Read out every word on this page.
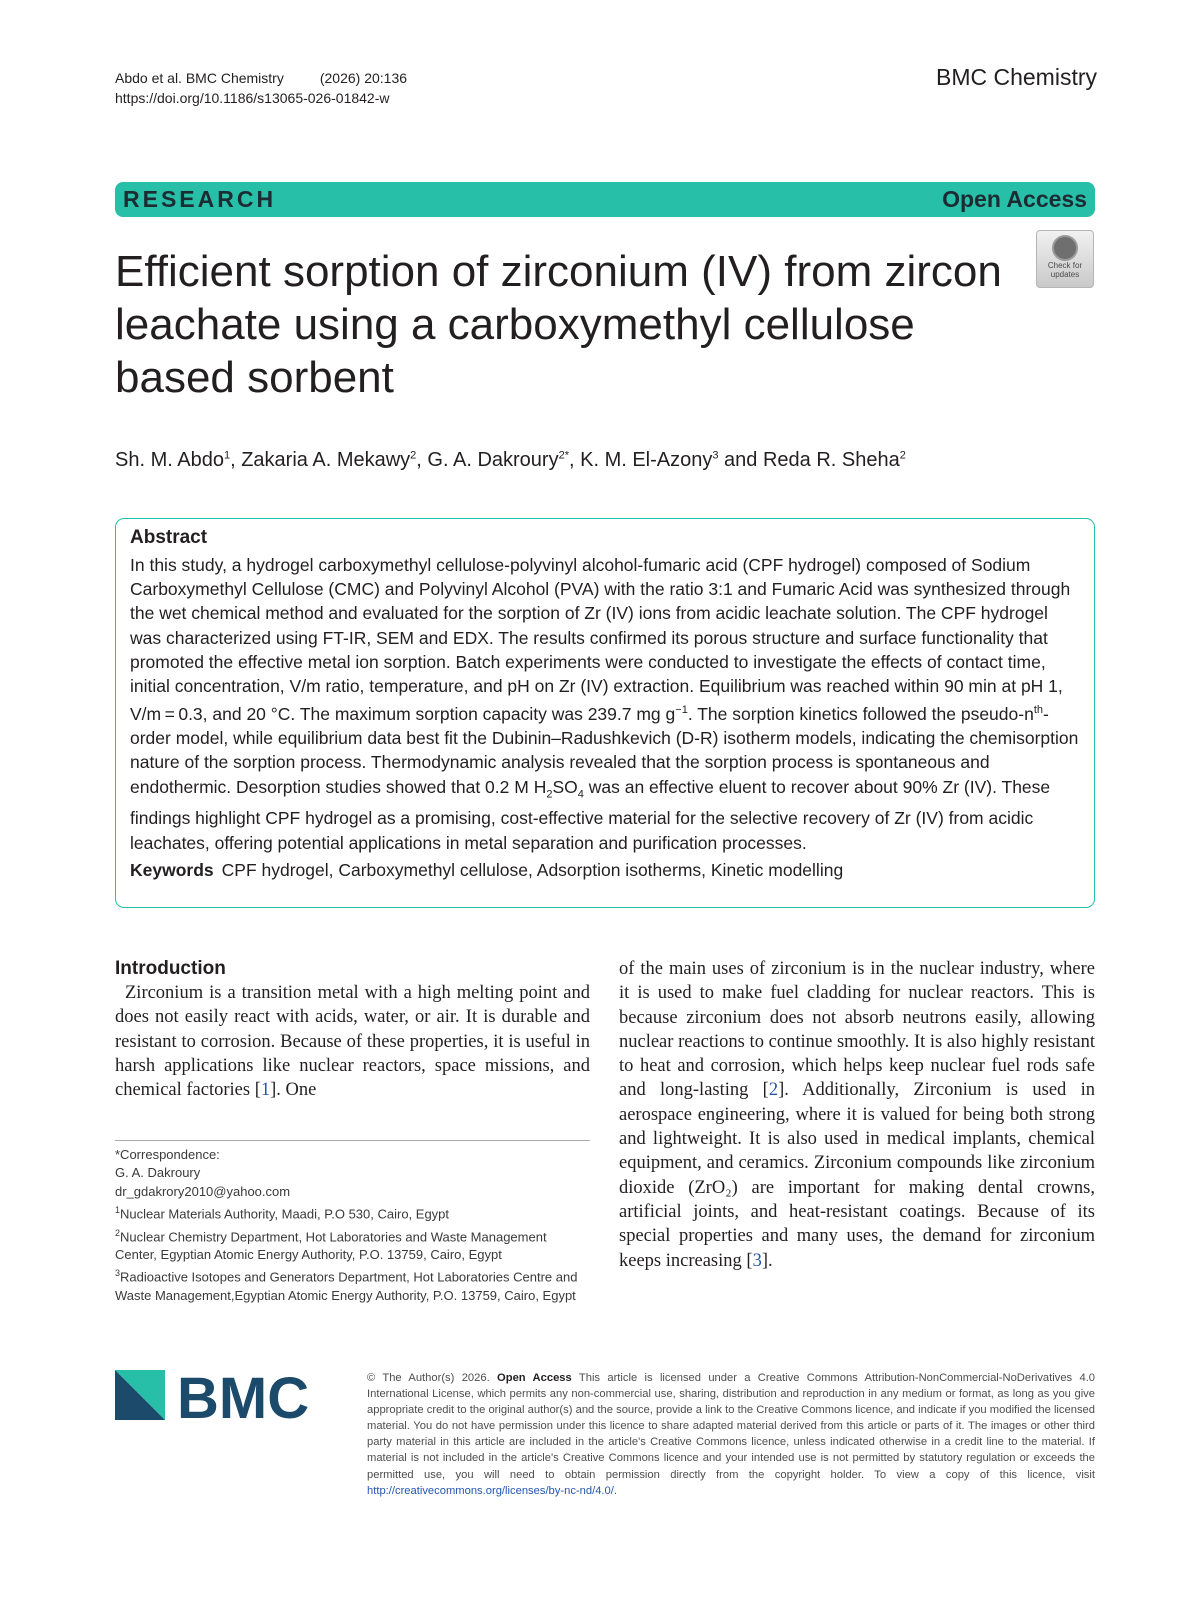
Abdo et al. BMC Chemistry	(2026) 20:136
https://doi.org/10.1186/s13065-026-01842-w
BMC Chemistry
RESEARCH	Open Access
Efficient sorption of zirconium (IV) from zircon leachate using a carboxymethyl cellulose based sorbent
Check for updates
Sh. M. Abdo$^1$, Zakaria A. Mekawy$^2$, G. A. Dakroury$^{2*}$, K. M. El-Azony$^3$ and Reda R. Sheha$^2$
Abstract

In this study, a hydrogel carboxymethyl cellulose-polyvinyl alcohol-fumaric acid (CPF hydrogel) composed of Sodium Carboxymethyl Cellulose (CMC) and Polyvinyl Alcohol (PVA) with the ratio 3:1 and Fumaric Acid was synthesized through the wet chemical method and evaluated for the sorption of Zr (IV) ions from acidic leachate solution. The CPF hydrogel was characterized using FT-IR, SEM and EDX. The results confirmed its porous structure and surface functionality that promoted the effective metal ion sorption. Batch experiments were conducted to investigate the effects of contact time, initial concentration, V/m ratio, temperature, and pH on Zr (IV) extraction. Equilibrium was reached within 90 min at pH 1, V/m = 0.3, and 20 °C. The maximum sorption capacity was 239.7 mg $g^{-1}$. The sorption kinetics followed the pseudo-$n^{th}$-order model, while equilibrium data best fit the Dubinin–Radushkevich (D-R) isotherm models, indicating the chemisorption nature of the sorption process. Thermodynamic analysis revealed that the sorption process is spontaneous and endothermic. Desorption studies showed that 0.2 M $H_2SO_4$ was an effective eluent to recover about 90% Zr (IV). These findings highlight CPF hydrogel as a promising, cost-effective material for the selective recovery of Zr (IV) from acidic leachates, offering potential applications in metal separation and purification processes.

Keywords CPF hydrogel, Carboxymethyl cellulose, Adsorption isotherms, Kinetic modelling
Introduction

Zirconium is a transition metal with a high melting point and does not easily react with acids, water, or air. It is durable and resistant to corrosion. Because of these properties, it is useful in harsh applications like nuclear reactors, space missions, and chemical factories [1]. One

*Correspondence:
G. A. Dakroury
dr_gdakrory2010@yahoo.com
$^1$Nuclear Materials Authority, Maadi, P.O 530, Cairo, Egypt
$^2$Nuclear Chemistry Department, Hot Laboratories and Waste Management Center, Egyptian Atomic Energy Authority, P.O. 13759, Cairo, Egypt
$^3$Radioactive Isotopes and Generators Department, Hot Laboratories Centre and Waste Management,Egyptian Atomic Energy Authority, P.O. 13759, Cairo, Egypt

of the main uses of zirconium is in the nuclear industry, where it is used to make fuel cladding for nuclear reactors. This is because zirconium does not absorb neutrons easily, allowing nuclear reactions to continue smoothly. It is also highly resistant to heat and corrosion, which helps keep nuclear fuel rods safe and long-lasting [2]. Additionally, Zirconium is used in aerospace engineering, where it is valued for being both strong and lightweight. It is also used in medical implants, chemical equipment, and ceramics. Zirconium compounds like zirconium dioxide (ZrO₂) are important for making dental crowns, artificial joints, and heat-resistant coatings. Because of its special properties and many uses, the demand for zirconium keeps increasing [3].

BMC	© The Author(s) 2026. Open Access This article is licensed under a Creative Commons Attribution-NonCommercial-NoDerivatives 4.0 International License, which permits any non-commercial use, sharing, distribution and reproduction in any medium or format, as long as you give appropriate credit to the original author(s) and the source, provide a link to the Creative Commons licence, and indicate if you modified the licensed material. You do not have permission under this licence to share adapted material derived from this article or parts of it. The images or other third party material in this article are included in the article's Creative Commons licence, unless indicated otherwise in a credit line to the material. If material is not included in the article's Creative Commons licence and your intended use is not permitted by statutory regulation or exceeds the permitted use, you will need to obtain permission directly from the copyright holder. To view a copy of this licence, visit http://creativecommons.org/licenses/by-nc-nd/4.0/.
